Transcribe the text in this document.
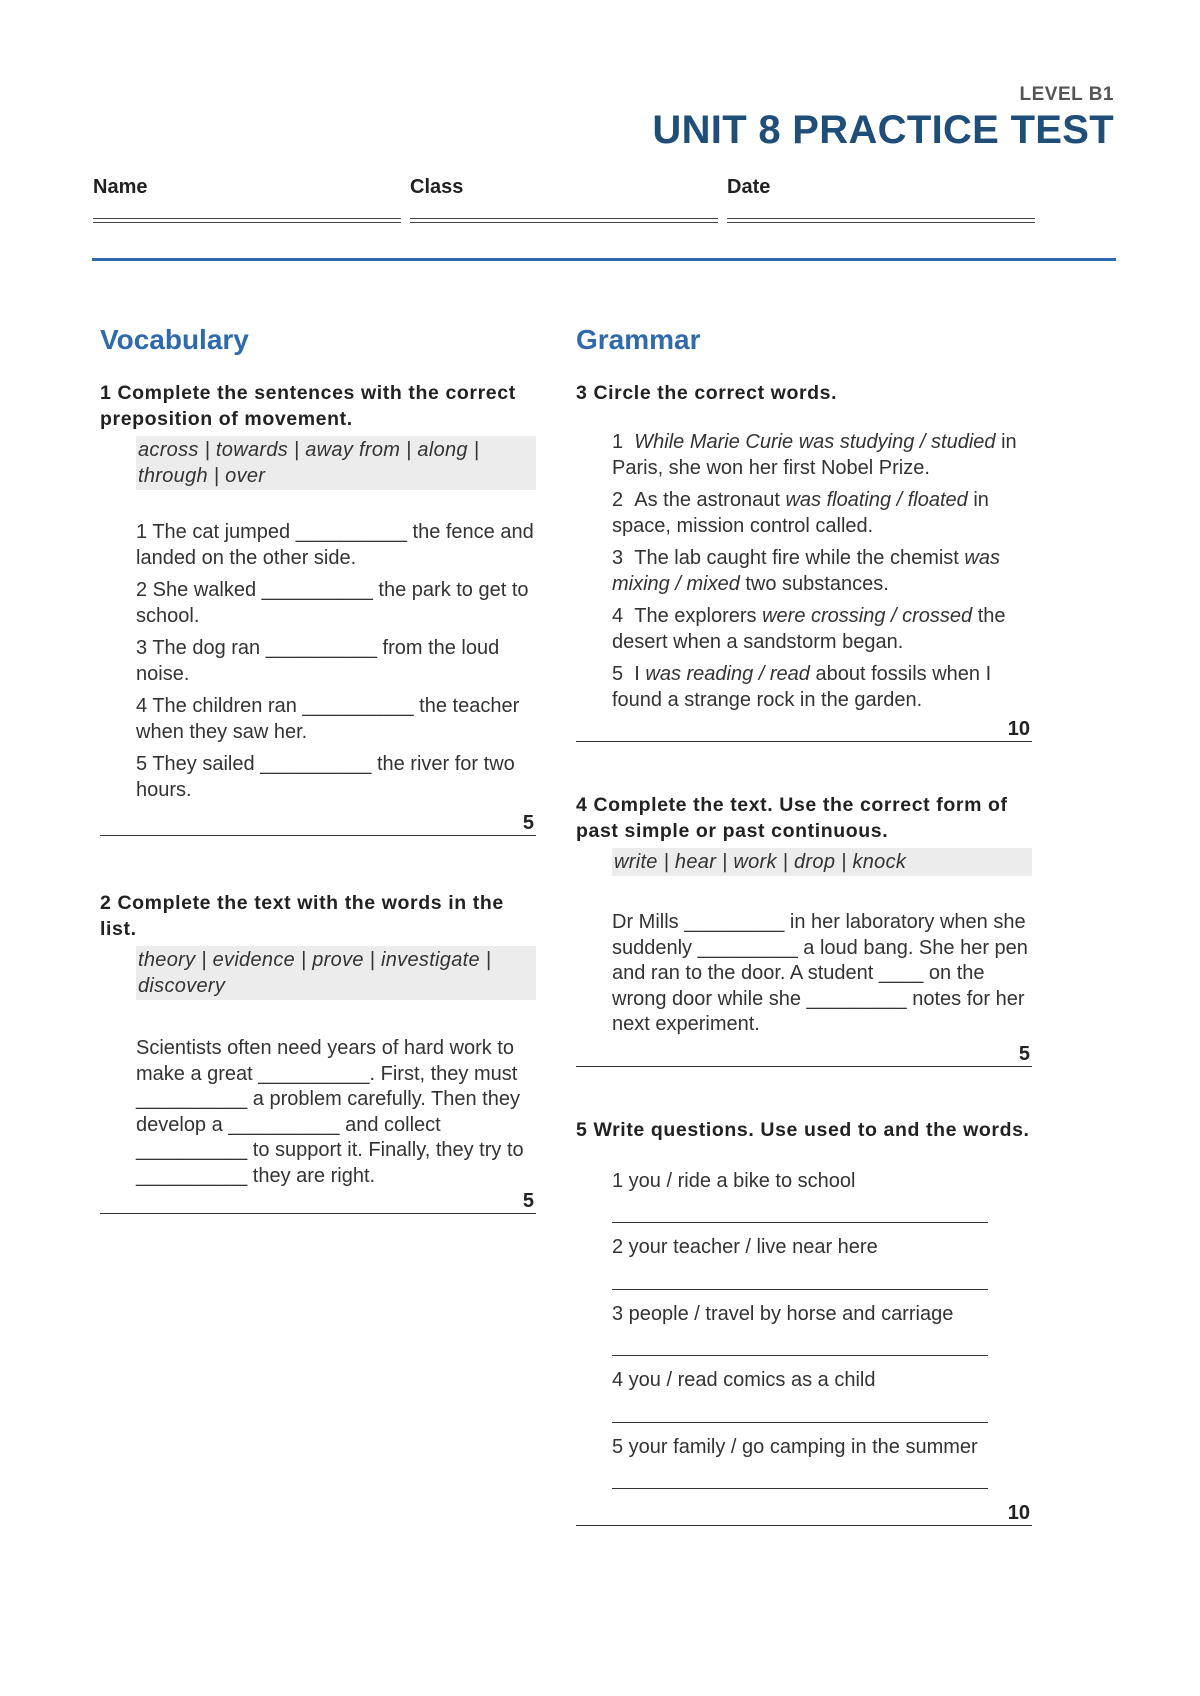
LEVEL B1
UNIT 8 PRACTICE TEST
Name	Class	Date
Vocabulary
1 Complete the sentences with the correct preposition of movement.
across | towards | away from | along | through | over
1 The cat jumped __________ the fence and landed on the other side.
2 She walked __________ the park to get to school.
3 The dog ran __________ from the loud noise.
4 The children ran __________ the teacher when they saw her.
5 They sailed __________ the river for two hours.
5
2 Complete the text with the words in the list.
theory | evidence | prove | investigate | discovery
Scientists often need years of hard work to make a great __________. First, they must __________ a problem carefully. Then they develop a __________ and collect __________ to support it. Finally, they try to __________ they are right.
5
Grammar
3 Circle the correct words.
1 While Marie Curie was studying / studied in Paris, she won her first Nobel Prize.
2 As the astronaut was floating / floated in space, mission control called.
3 The lab caught fire while the chemist was mixing / mixed two substances.
4 The explorers were crossing / crossed the desert when a sandstorm began.
5 I was reading / read about fossils when I found a strange rock in the garden.
10
4 Complete the text. Use the correct form of past simple or past continuous.
write | hear | work | drop | knock
Dr Mills _________ in her laboratory when she suddenly _________ a loud bang. She her pen and ran to the door. A student ____ on the wrong door while she _________ notes for her next experiment.
5
5 Write questions. Use used to and the words.
1 you / ride a bike to school
2 your teacher / live near here
3 people / travel by horse and carriage
4 you / read comics as a child
5 your family / go camping in the summer
10
